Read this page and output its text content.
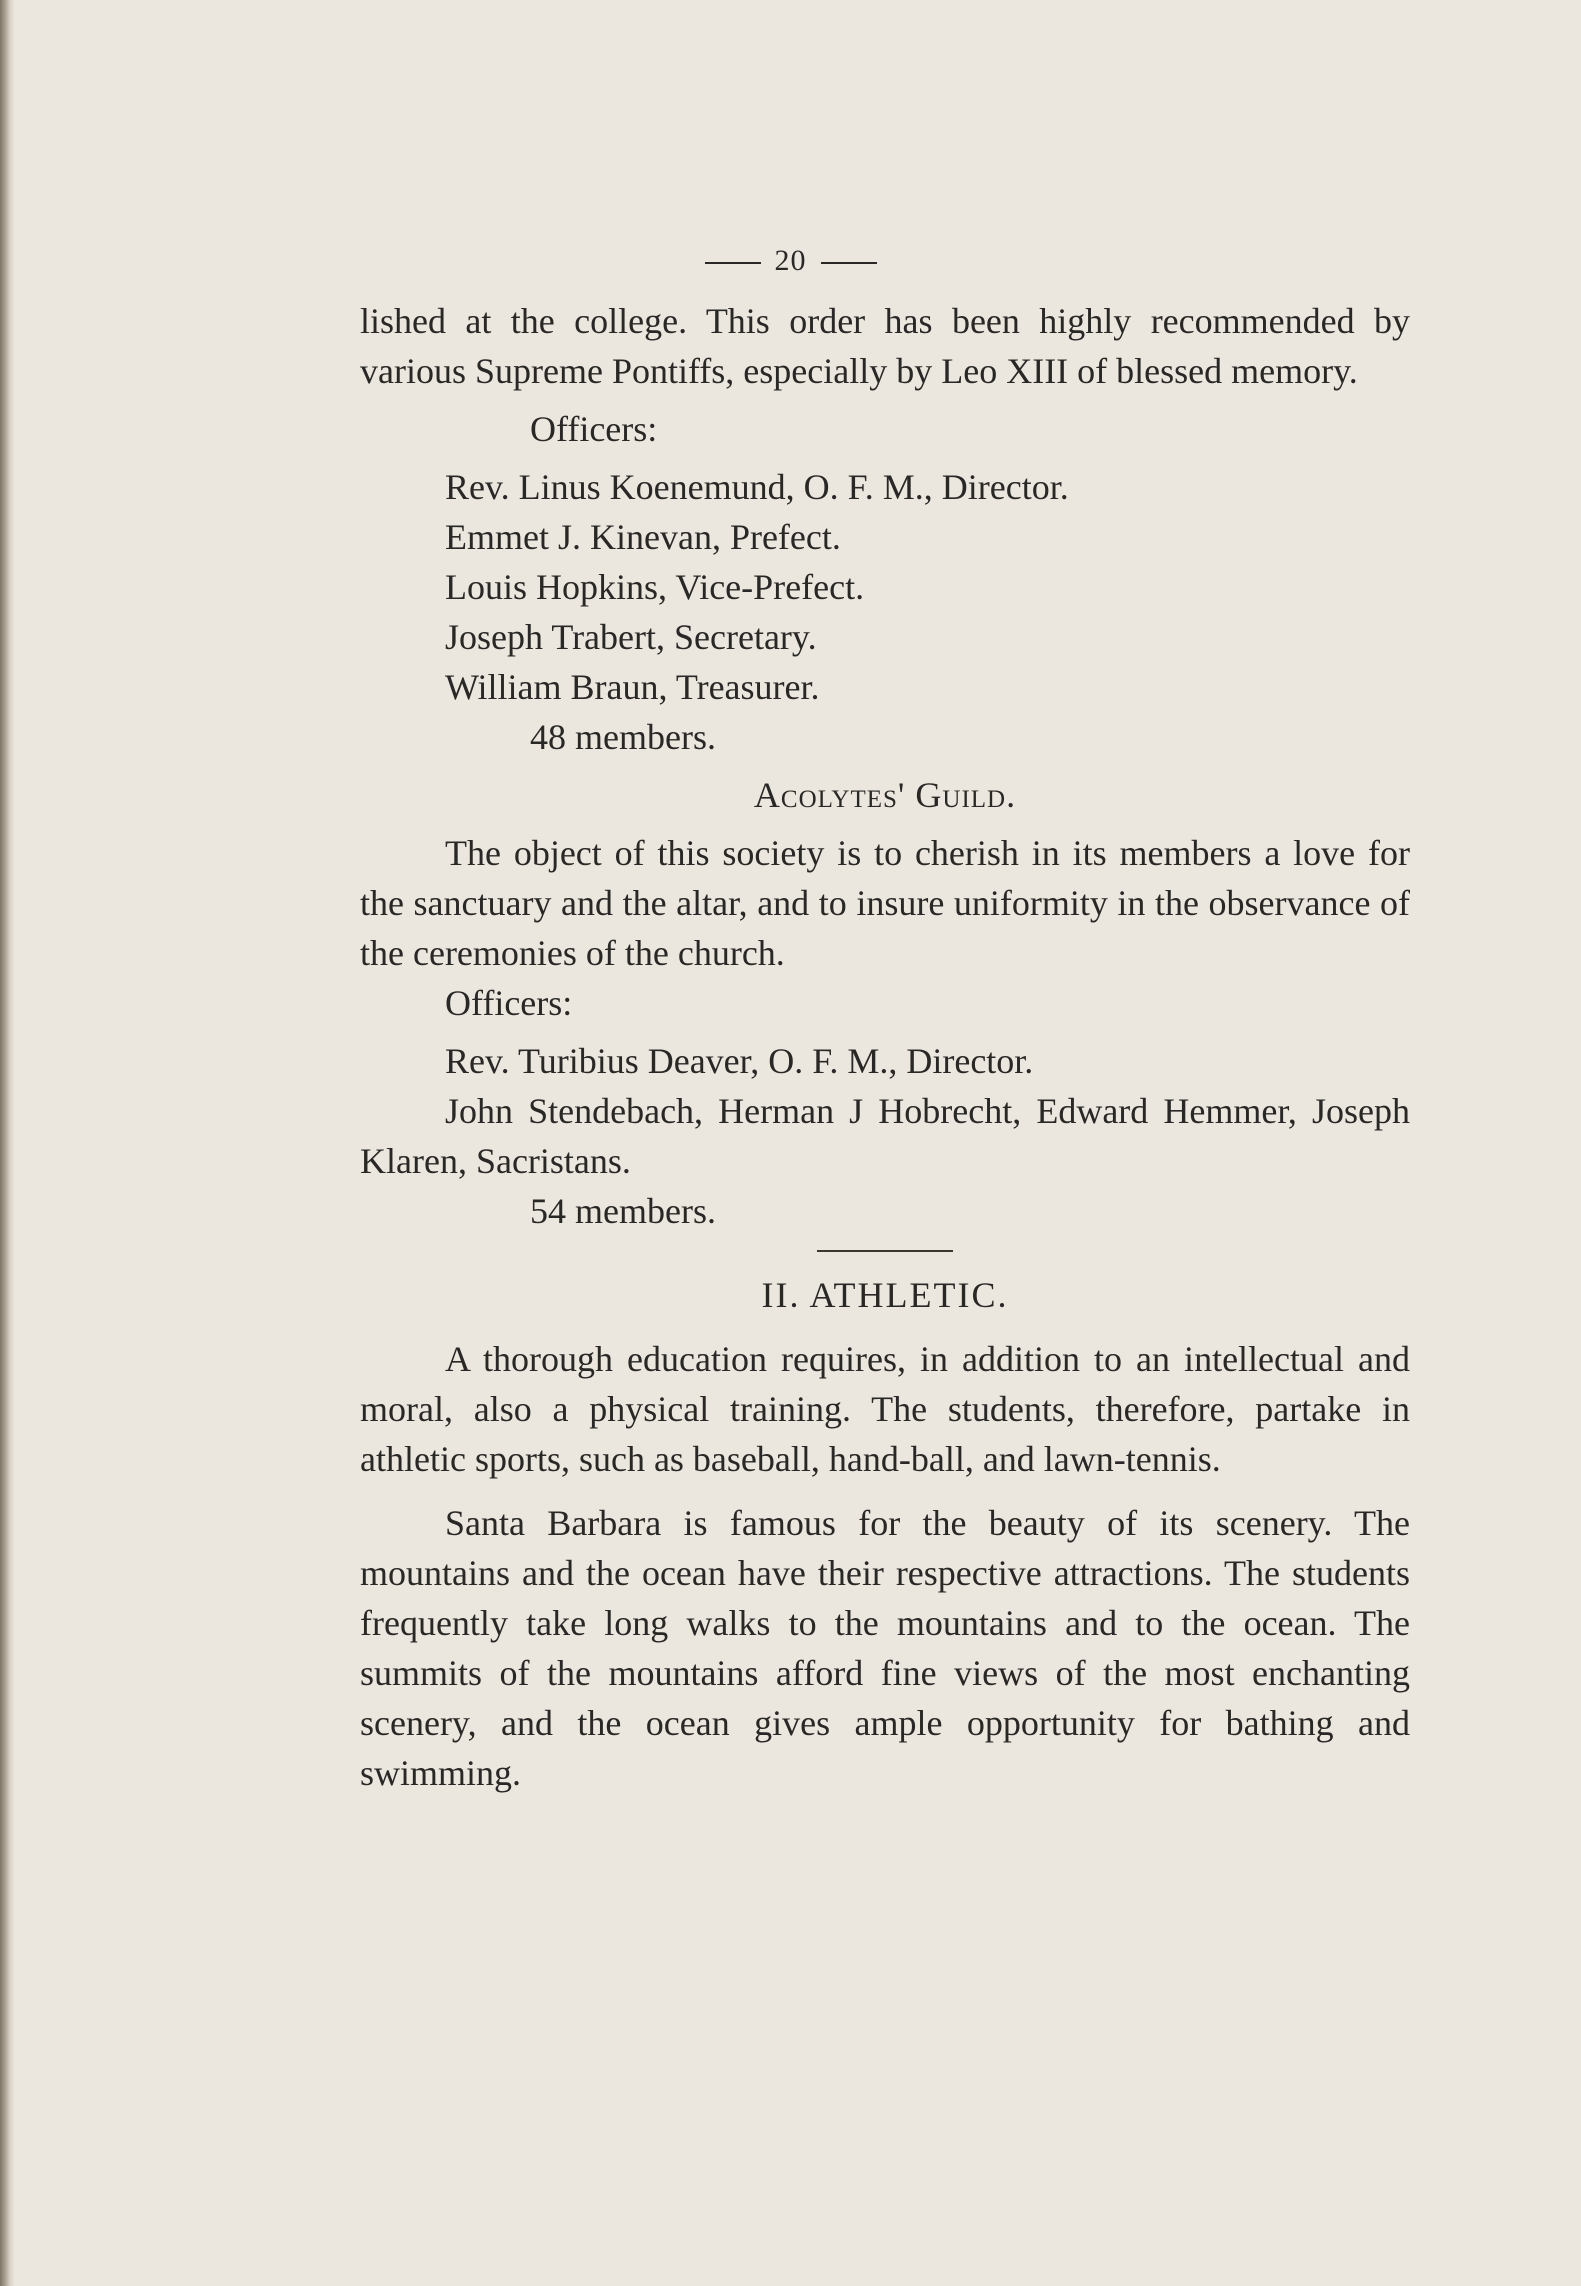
20

lished at the college. This order has been highly recommended by various Supreme Pontiffs, especially by Leo XIII of blessed memory.

Officers:

Rev. Linus Koenemund, O. F. M., Director.

Emmet J. Kinevan, Prefect.

Louis Hopkins, Vice-Prefect.

Joseph Trabert, Secretary.

William Braun, Treasurer.

48 members.

Acolytes' Guild.

The object of this society is to cherish in its members a love for the sanctuary and the altar, and to insure uniformity in the observance of the ceremonies of the church.

Officers:

Rev. Turibius Deaver, O. F. M., Director.

John Stendebach, Herman J Hobrecht, Edward Hemmer, Joseph Klaren, Sacristans.

54 members.

II. ATHLETIC.

A thorough education requires, in addition to an intellectual and moral, also a physical training. The students, therefore, partake in athletic sports, such as baseball, hand-ball, and lawn-tennis.

Santa Barbara is famous for the beauty of its scenery. The mountains and the ocean have their respective attractions. The students frequently take long walks to the mountains and to the ocean. The summits of the mountains afford fine views of the most enchanting scenery, and the ocean gives ample opportunity for bathing and swimming.
